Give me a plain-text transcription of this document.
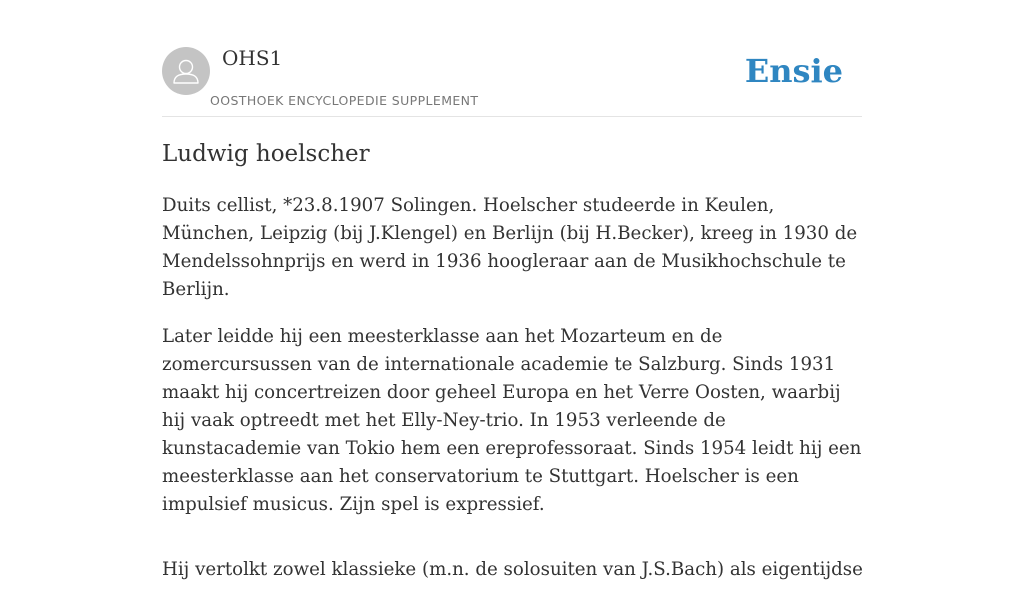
OHS1
OOSTHOEK ENCYCLOPEDIE SUPPLEMENT
Ensie
Ludwig hoelscher

Duits cellist, *23.8.1907 Solingen. Hoelscher studeerde in Keulen, München, Leipzig (bij J.Klengel) en Berlijn (bij H.Becker), kreeg in 1930 de Mendelssohnprijs en werd in 1936 hoogleraar aan de Musikhochschule te Berlijn.

Later leidde hij een meesterklasse aan het Mozarteum en de zomercursussen van de internationale academie te Salzburg. Sinds 1931 maakt hij concertreizen door geheel Europa en het Verre Oosten, waarbij hij vaak optreedt met het Elly-Ney-trio. In 1953 verleende de kunstacademie van Tokio hem een ereprofessoraat. Sinds 1954 leidt hij een meesterklasse aan het conservatorium te Stuttgart. Hoelscher is een impulsief musicus. Zijn spel is expressief.

Hij vertolkt zowel klassieke (m.n. de solosuiten van J.S.Bach) als eigentijdse
